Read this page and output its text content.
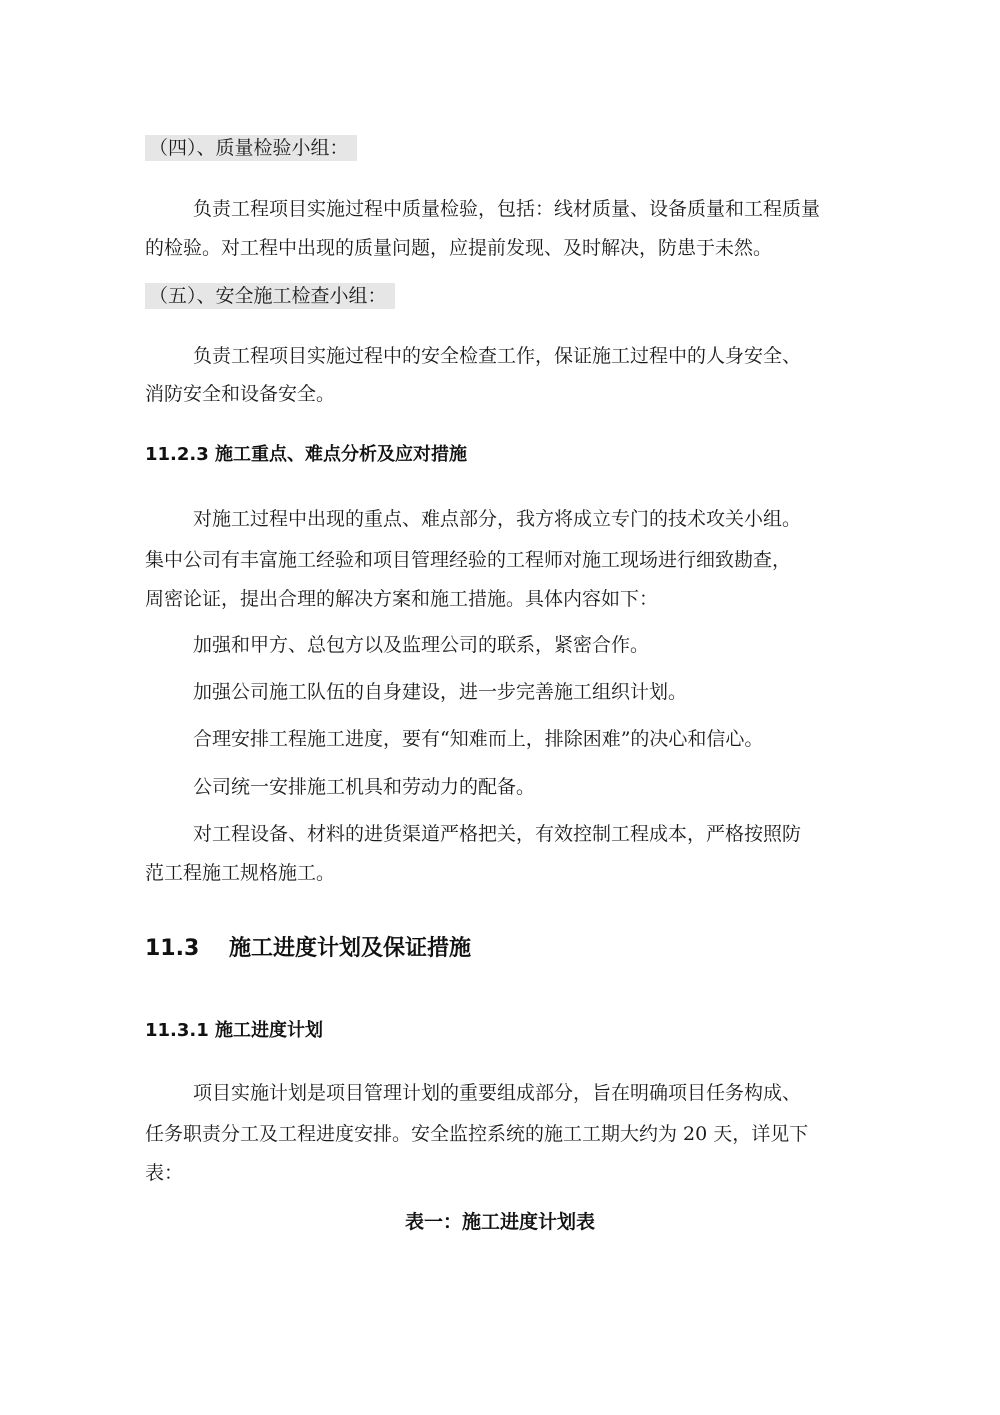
（四）、质量检验小组：
负责工程项目实施过程中质量检验，包括：线材质量、设备质量和工程质量
的检验。对工程中出现的质量问题，应提前发现、及时解决，防患于未然。
（五）、安全施工检查小组：
负责工程项目实施过程中的安全检查工作，保证施工过程中的人身安全、
消防安全和设备安全。
11.2.3 施工重点、难点分析及应对措施
对施工过程中出现的重点、难点部分，我方将成立专门的技术攻关小组。
集中公司有丰富施工经验和项目管理经验的工程师对施工现场进行细致勘查，
周密论证，提出合理的解决方案和施工措施。具体内容如下：
加强和甲方、总包方以及监理公司的联系，紧密合作。
加强公司施工队伍的自身建设，进一步完善施工组织计划。
合理安排工程施工进度，要有“知难而上，排除困难”的决心和信心。
公司统一安排施工机具和劳动力的配备。
对工程设备、材料的进货渠道严格把关，有效控制工程成本，严格按照防
范工程施工规格施工。
11.3 施工进度计划及保证措施
11.3.1 施工进度计划
项目实施计划是项目管理计划的重要组成部分，旨在明确项目任务构成、
任务职责分工及工程进度安排。安全监控系统的施工工期大约为 20 天，详见下
表：
表一：施工进度计划表
